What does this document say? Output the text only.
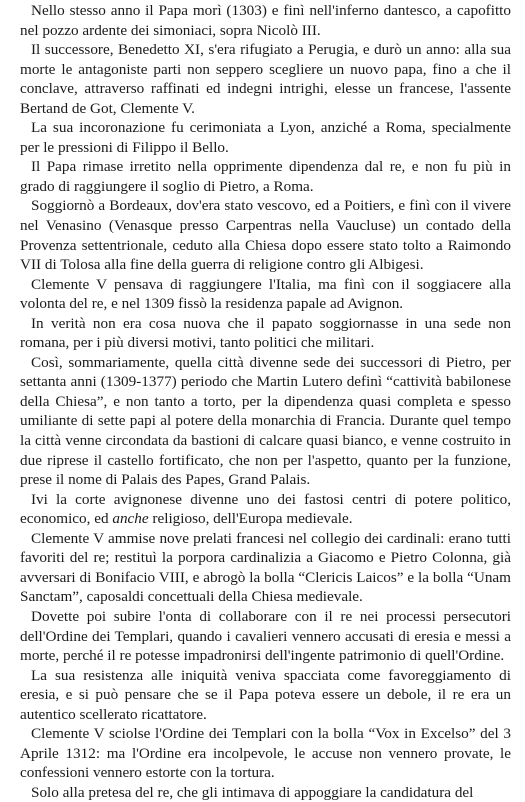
Nello stesso anno il Papa morì (1303) e finì nell'inferno dantesco, a capofitto nel pozzo ardente dei simoniaci, sopra Nicolò III.

Il successore, Benedetto XI, s'era rifugiato a Perugia, e durò un anno: alla sua morte le antagoniste parti non seppero scegliere un nuovo papa, fino a che il conclave, attraverso raffinati ed indegni intrighi, elesse un francese, l'assente Bertand de Got, Clemente V.

La sua incoronazione fu cerimoniata a Lyon, anziché a Roma, specialmente per le pressioni di Filippo il Bello.

Il Papa rimase irretito nella opprimente dipendenza dal re, e non fu più in grado di raggiungere il soglio di Pietro, a Roma.

Soggiornò a Bordeaux, dov'era stato vescovo, ed a Poitiers, e finì con il vivere nel Venasino (Venasque presso Carpentras nella Vaucluse) un contado della Provenza settentrionale, ceduto alla Chiesa dopo essere stato tolto a Raimondo VII di Tolosa alla fine della guerra di religione contro gli Albigesi.

Clemente V pensava di raggiungere l'Italia, ma finì con il soggiacere alla volonta del re, e nel 1309 fissò la residenza papale ad Avignon.

In verità non era cosa nuova che il papato soggiornasse in una sede non romana, per i più diversi motivi, tanto politici che militari.

Così, sommariamente, quella città divenne sede dei successori di Pietro, per settanta anni (1309-1377) periodo che Martin Lutero definì “cattività babilonese della Chiesa”, e non tanto a torto, per la dipendenza quasi completa e spesso umiliante di sette papi al potere della monarchia di Francia. Durante quel tempo la città venne circondata da bastioni di calcare quasi bianco, e venne costruito in due riprese il castello fortificato, che non per l'aspetto, quanto per la funzione, prese il nome di Palais des Papes, Grand Palais.

Ivi la corte avignonese divenne uno dei fastosi centri di potere politico, economico, ed anche religioso, dell'Europa medievale.

Clemente V ammise nove prelati francesi nel collegio dei cardinali: erano tutti favoriti del re; restituì la porpora cardinalizia a Giacomo e Pietro Colonna, già avversari di Bonifacio VIII, e abrogò la bolla “Clericis Laicos” e la bolla “Unam Sanctam”, caposaldi concettuali della Chiesa medievale.

Dovette poi subire l'onta di collaborare con il re nei processi persecutori dell'Ordine dei Templari, quando i cavalieri vennero accusati di eresia e messi a morte, perché il re potesse impadronirsi dell'ingente patrimonio di quell'Ordine.

La sua resistenza alle iniquità veniva spacciata come favoreggiamento di eresia, e si può pensare che se il Papa poteva essere un debole, il re era un autentico scellerato ricattatore.

Clemente V sciolse l'Ordine dei Templari con la bolla “Vox in Excelso” del 3 Aprile 1312: ma l'Ordine era incolpevole, le accuse non vennero provate, le confessioni vennero estorte con la tortura.

Solo alla pretesa del re, che gli intimava di appoggiare la candidatura del
